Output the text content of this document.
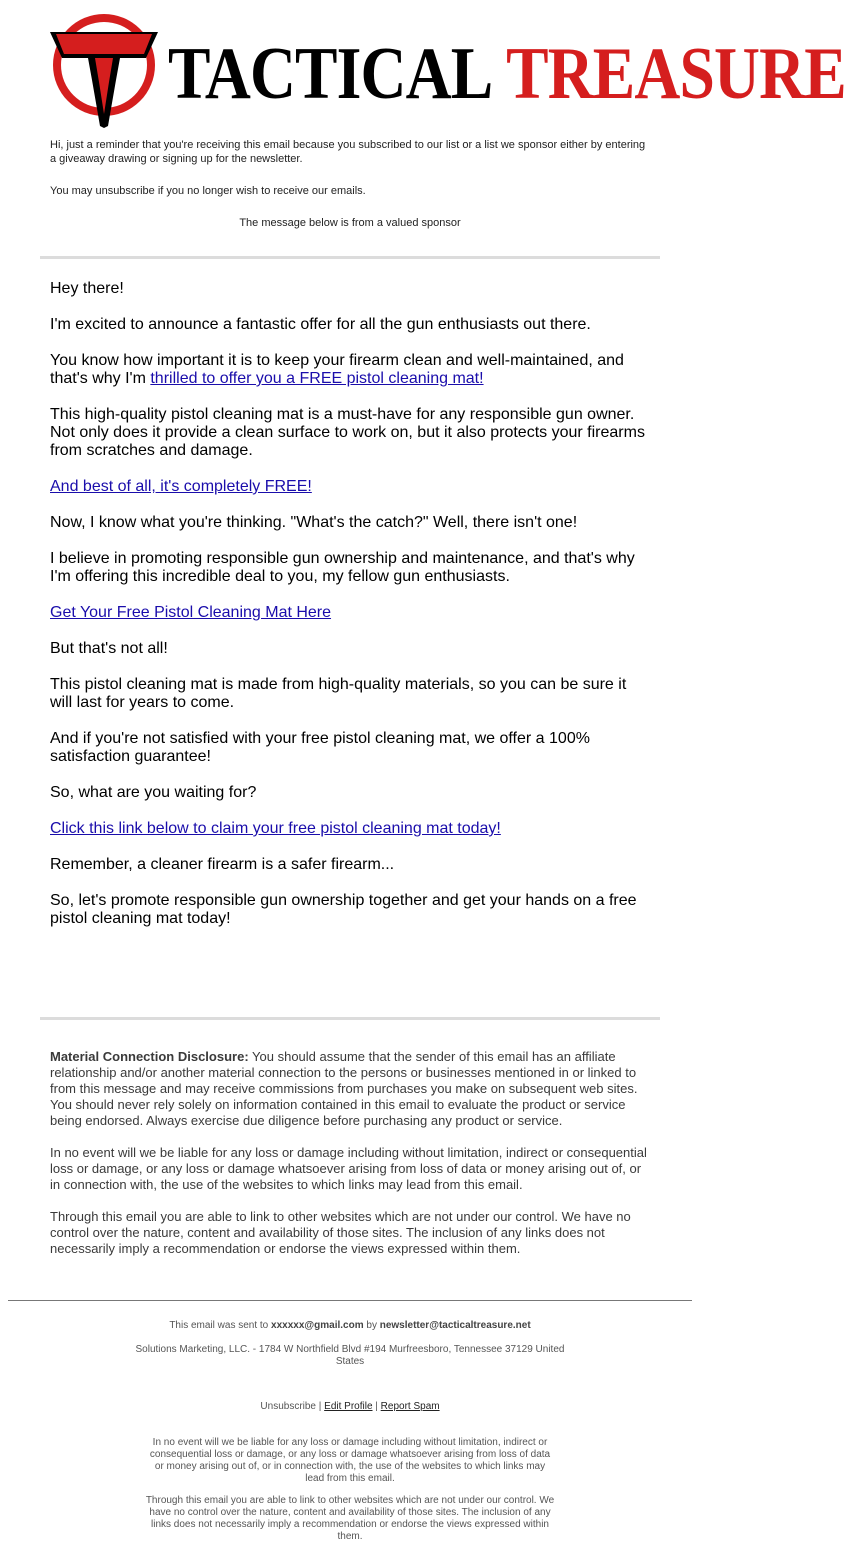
TACTICAL TREASURE
Hi, just a reminder that you're receiving this email because you subscribed to our list or a list we sponsor either by entering a giveaway drawing or signing up for the newsletter.
You may unsubscribe if you no longer wish to receive our emails.
The message below is from a valued sponsor

Hey there!

I'm excited to announce a fantastic offer for all the gun enthusiasts out there.

You know how important it is to keep your firearm clean and well-maintained, and that's why I'm thrilled to offer you a FREE pistol cleaning mat!

This high-quality pistol cleaning mat is a must-have for any responsible gun owner. Not only does it provide a clean surface to work on, but it also protects your firearms from scratches and damage.

And best of all, it's completely FREE!

Now, I know what you're thinking. "What's the catch?" Well, there isn't one!

I believe in promoting responsible gun ownership and maintenance, and that's why I'm offering this incredible deal to you, my fellow gun enthusiasts.

Get Your Free Pistol Cleaning Mat Here

But that's not all!

This pistol cleaning mat is made from high-quality materials, so you can be sure it will last for years to come.

And if you're not satisfied with your free pistol cleaning mat, we offer a 100% satisfaction guarantee!

So, what are you waiting for?

Click this link below to claim your free pistol cleaning mat today!

Remember, a cleaner firearm is a safer firearm...

So, let's promote responsible gun ownership together and get your hands on a free pistol cleaning mat today!

Material Connection Disclosure: You should assume that the sender of this email has an affiliate relationship and/or another material connection to the persons or businesses mentioned in or linked to from this message and may receive commissions from purchases you make on subsequent web sites. You should never rely solely on information contained in this email to evaluate the product or service being endorsed. Always exercise due diligence before purchasing any product or service.

In no event will we be liable for any loss or damage including without limitation, indirect or consequential loss or damage, or any loss or damage whatsoever arising from loss of data or money arising out of, or in connection with, the use of the websites to which links may lead from this email.

Through this email you are able to link to other websites which are not under our control. We have no control over the nature, content and availability of those sites. The inclusion of any links does not necessarily imply a recommendation or endorse the views expressed within them.

This email was sent to xxxxxx@gmail.com by newsletter@tacticaltreasure.net
Solutions Marketing, LLC. - 1784 W Northfield Blvd #194 Murfreesboro, Tennessee 37129 United States
Unsubscribe | Edit Profile | Report Spam
In no event will we be liable for any loss or damage including without limitation, indirect or consequential loss or damage, or any loss or damage whatsoever arising from loss of data or money arising out of, or in connection with, the use of the websites to which links may lead from this email.
Through this email you are able to link to other websites which are not under our control. We have no control over the nature, content and availability of those sites. The inclusion of any links does not necessarily imply a recommendation or endorse the views expressed within them.
